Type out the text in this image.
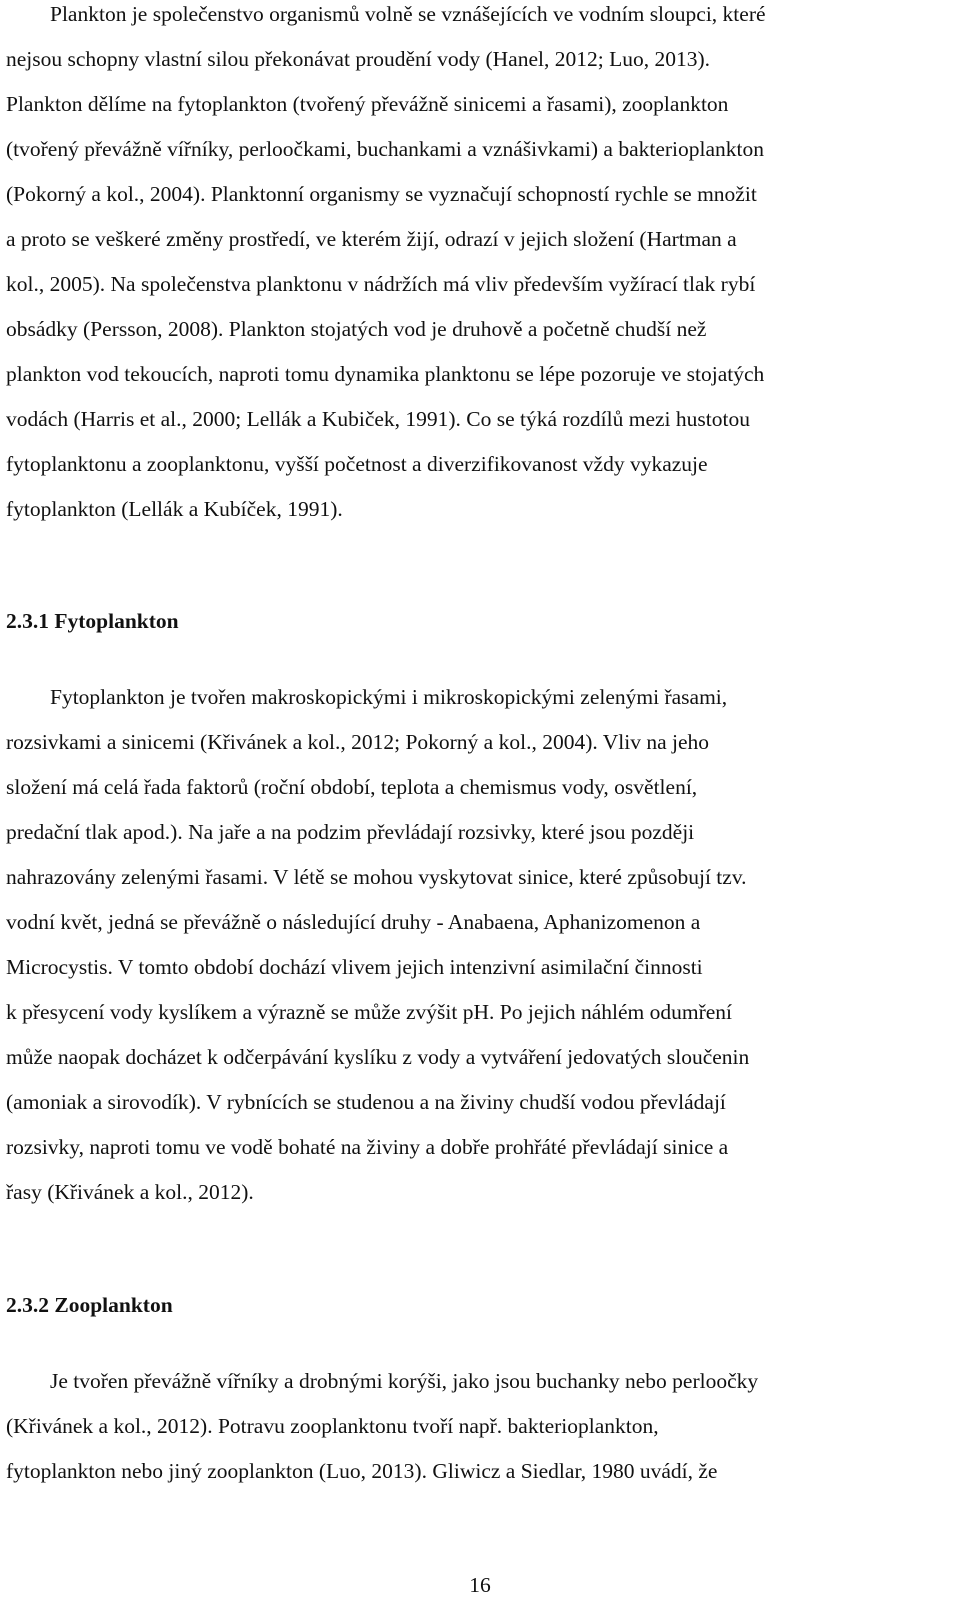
Plankton je společenstvo organismů volně se vznášejících ve vodním sloupci, které
nejsou schopny vlastní silou překonávat proudění vody (Hanel, 2012; Luo, 2013).
Plankton dělíme na fytoplankton (tvořený převážně sinicemi a řasami), zooplankton
(tvořený převážně vířníky, perloočkami, buchankami a vznášivkami) a bakterioplankton
(Pokorný a kol., 2004). Planktonní organismy se vyznačují schopností rychle se množit
a proto se veškeré změny prostředí, ve kterém žijí, odrazí v jejich složení (Hartman a
kol., 2005). Na společenstva planktonu v nádržích má vliv především vyžírací tlak rybí
obsádky (Persson, 2008). Plankton stojatých vod je druhově a početně chudší než
plankton vod tekoucích, naproti tomu dynamika planktonu se lépe pozoruje ve stojatých
vodách (Harris et al., 2000; Lellák a Kubiček, 1991). Co se týká rozdílů mezi hustotou
fytoplanktonu a zooplanktonu, vyšší početnost a diverzifikovanost vždy vykazuje
fytoplankton (Lellák a Kubíček, 1991).
2.3.1 Fytoplankton
Fytoplankton je tvořen makroskopickými i mikroskopickými zelenými řasami,
rozsivkami a sinicemi (Křivánek a kol., 2012; Pokorný a kol., 2004). Vliv na jeho
složení má celá řada faktorů (roční období, teplota a chemismus vody, osvětlení,
predační tlak apod.). Na jaře a na podzim převládají rozsivky, které jsou později
nahrazovány zelenými řasami. V létě se mohou vyskytovat sinice, které způsobují tzv.
vodní květ, jedná se převážně o následující druhy - Anabaena, Aphanizomenon a
Microcystis. V tomto období dochází vlivem jejich intenzivní asimilační činnosti
k přesycení vody kyslíkem a výrazně se může zvýšit pH. Po jejich náhlém odumření
může naopak docházet k odčerpávání kyslíku z vody a vytváření jedovatých sloučenin
(amoniak a sirovodík). V rybnících se studenou a na živiny chudší vodou převládají
rozsivky, naproti tomu ve vodě bohaté na živiny a dobře prohřáté převládají sinice a
řasy (Křivánek a kol., 2012).
2.3.2 Zooplankton
Je tvořen převážně vířníky a drobnými korýši, jako jsou buchanky nebo perloočky
(Křivánek a kol., 2012). Potravu zooplanktonu tvoří např. bakterioplankton,
fytoplankton nebo jiný zooplankton (Luo, 2013). Gliwicz a Siedlar, 1980 uvádí, že
16
